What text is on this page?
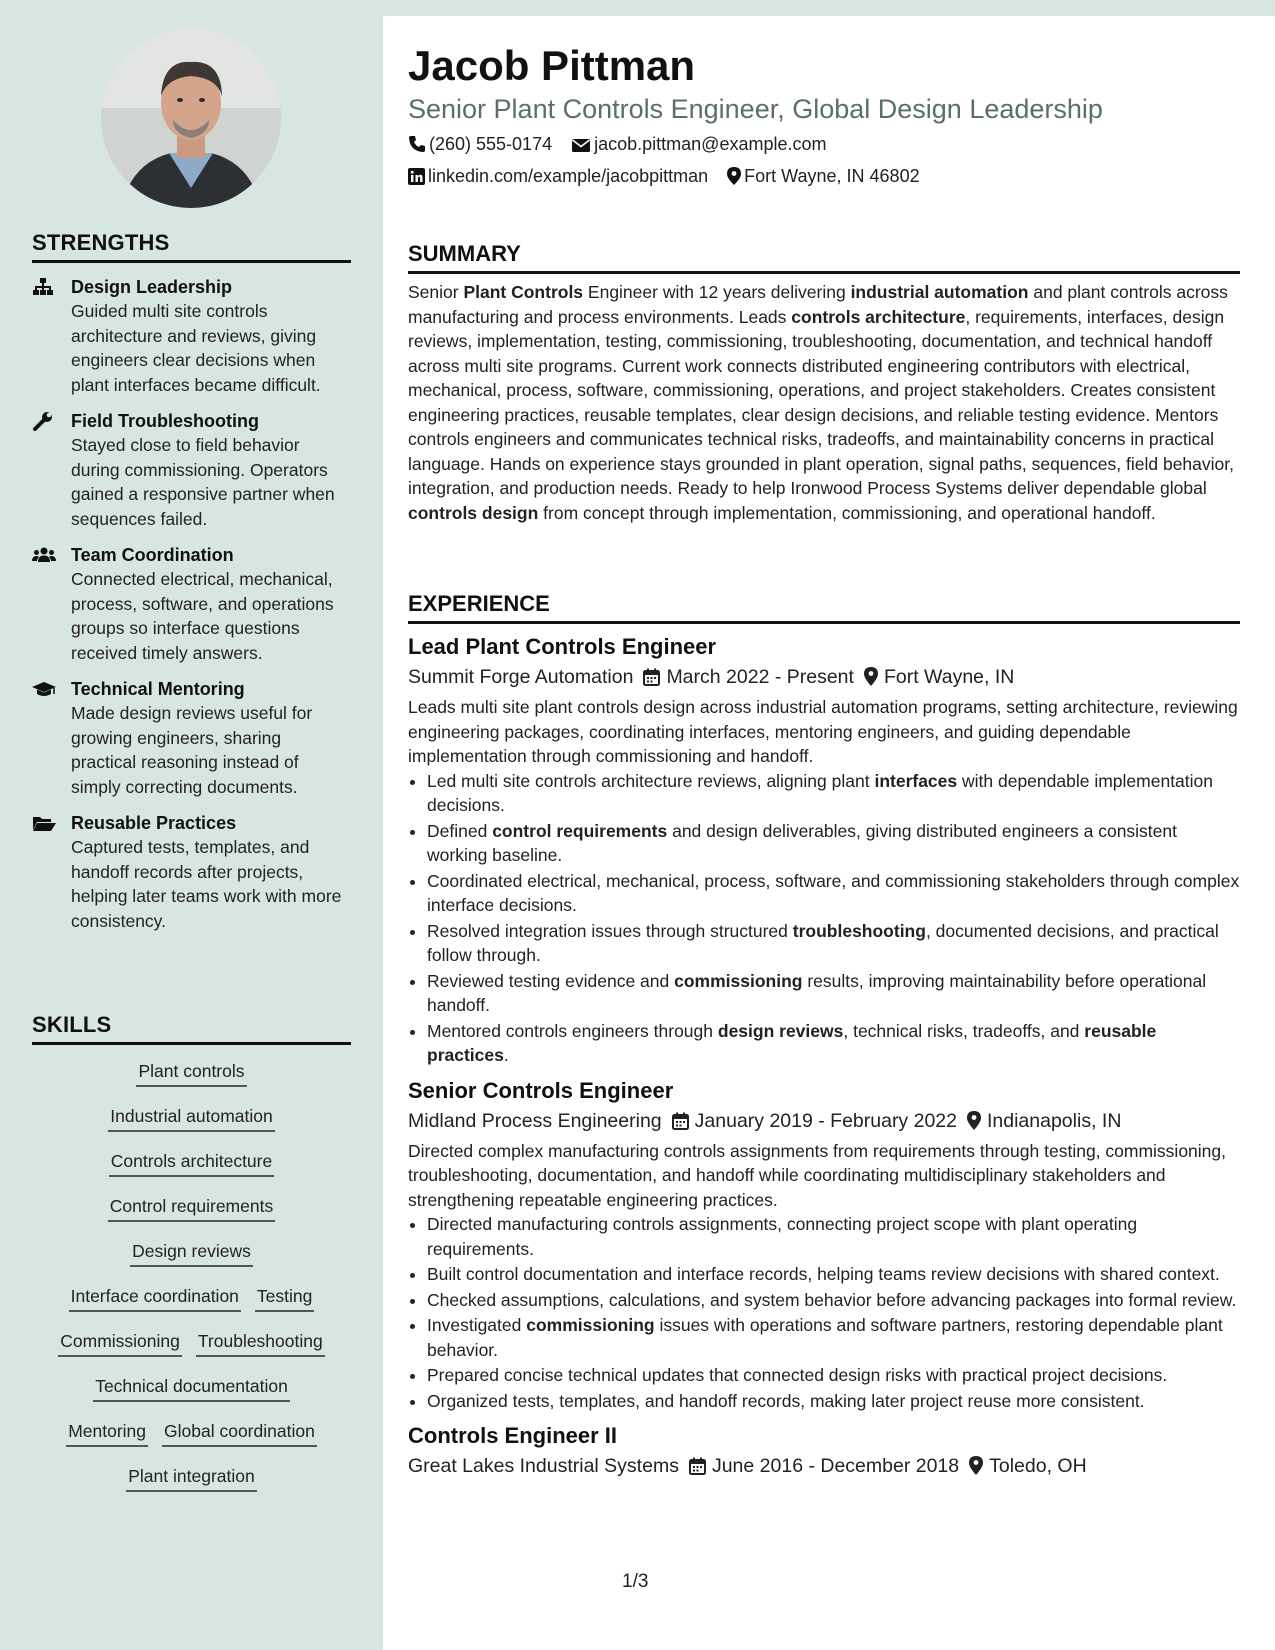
STRENGTHS
Design Leadership
Guided multi site controls architecture and reviews, giving engineers clear decisions when plant interfaces became difficult.
Field Troubleshooting
Stayed close to field behavior during commissioning. Operators gained a responsive partner when sequences failed.
Team Coordination
Connected electrical, mechanical, process, software, and operations groups so interface questions received timely answers.
Technical Mentoring
Made design reviews useful for growing engineers, sharing practical reasoning instead of simply correcting documents.
Reusable Practices
Captured tests, templates, and handoff records after projects, helping later teams work with more consistency.
SKILLS
Plant controls
Industrial automation
Controls architecture
Control requirements
Design reviews
Interface coordination Testing
Commissioning Troubleshooting
Technical documentation
Mentoring Global coordination
Plant integration
Jacob Pittman
Senior Plant Controls Engineer, Global Design Leadership
(260) 555-0174 jacob.pittman@example.com
linkedin.com/example/jacobpittman Fort Wayne, IN 46802
SUMMARY
Senior Plant Controls Engineer with 12 years delivering industrial automation and plant controls across manufacturing and process environments. Leads controls architecture, requirements, interfaces, design reviews, implementation, testing, commissioning, troubleshooting, documentation, and technical handoff across multi site programs. Current work connects distributed engineering contributors with electrical, mechanical, process, software, commissioning, operations, and project stakeholders. Creates consistent engineering practices, reusable templates, clear design decisions, and reliable testing evidence. Mentors controls engineers and communicates technical risks, tradeoffs, and maintainability concerns in practical language. Hands on experience stays grounded in plant operation, signal paths, sequences, field behavior, integration, and production needs. Ready to help Ironwood Process Systems deliver dependable global controls design from concept through implementation, commissioning, and operational handoff.
EXPERIENCE
Lead Plant Controls Engineer
Summit Forge Automation March 2022 - Present Fort Wayne, IN
Leads multi site plant controls design across industrial automation programs, setting architecture, reviewing engineering packages, coordinating interfaces, mentoring engineers, and guiding dependable implementation through commissioning and handoff.
• Led multi site controls architecture reviews, aligning plant interfaces with dependable implementation decisions.
• Defined control requirements and design deliverables, giving distributed engineers a consistent working baseline.
• Coordinated electrical, mechanical, process, software, and commissioning stakeholders through complex interface decisions.
• Resolved integration issues through structured troubleshooting, documented decisions, and practical follow through.
• Reviewed testing evidence and commissioning results, improving maintainability before operational handoff.
• Mentored controls engineers through design reviews, technical risks, tradeoffs, and reusable practices.
Senior Controls Engineer
Midland Process Engineering January 2019 - February 2022 Indianapolis, IN
Directed complex manufacturing controls assignments from requirements through testing, commissioning, troubleshooting, documentation, and handoff while coordinating multidisciplinary stakeholders and strengthening repeatable engineering practices.
• Directed manufacturing controls assignments, connecting project scope with plant operating requirements.
• Built control documentation and interface records, helping teams review decisions with shared context.
• Checked assumptions, calculations, and system behavior before advancing packages into formal review.
• Investigated commissioning issues with operations and software partners, restoring dependable plant behavior.
• Prepared concise technical updates that connected design risks with practical project decisions.
• Organized tests, templates, and handoff records, making later project reuse more consistent.
Controls Engineer II
Great Lakes Industrial Systems June 2016 - December 2018 Toledo, OH
1/3
